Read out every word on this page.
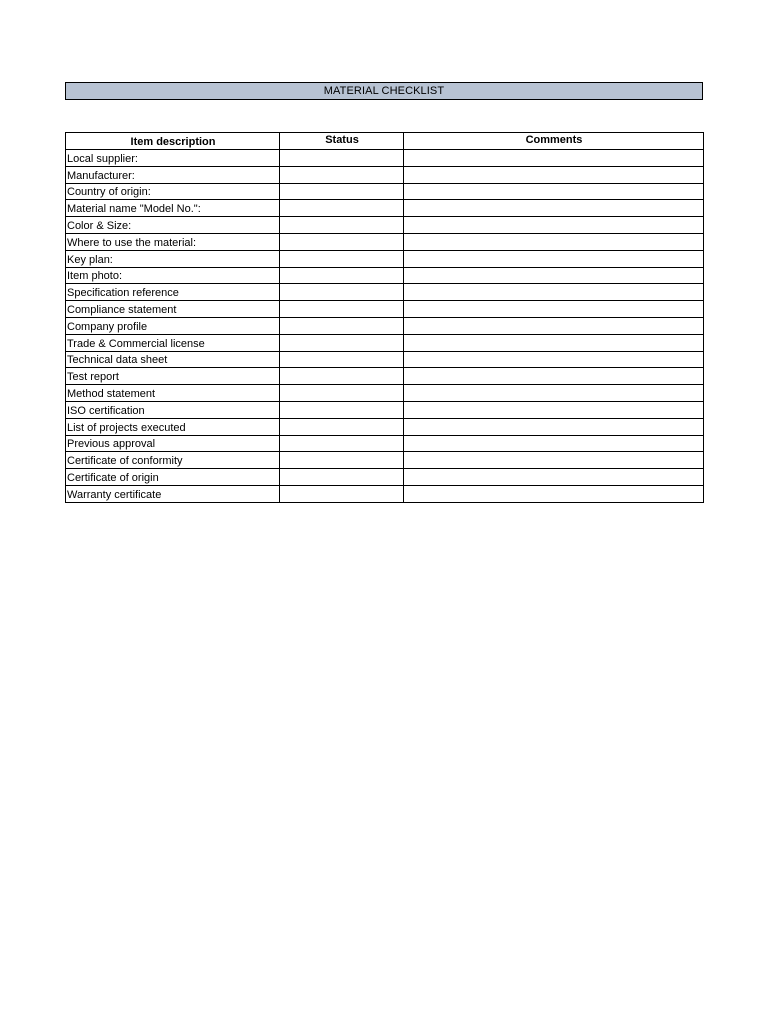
MATERIAL CHECKLIST
Item description	Status	Comments
Local supplier:		
Manufacturer:		
Country of origin:		
Material name "Model No.":		
Color & Size:		
Where to use the material:		
Key plan:		
Item photo:		
Specification reference		
Compliance statement		
Company profile		
Trade & Commercial license		
Technical data sheet		
Test report		
Method statement		
ISO certification		
List of projects executed		
Previous approval		
Certificate of conformity		
Certificate of origin		
Warranty certificate		
